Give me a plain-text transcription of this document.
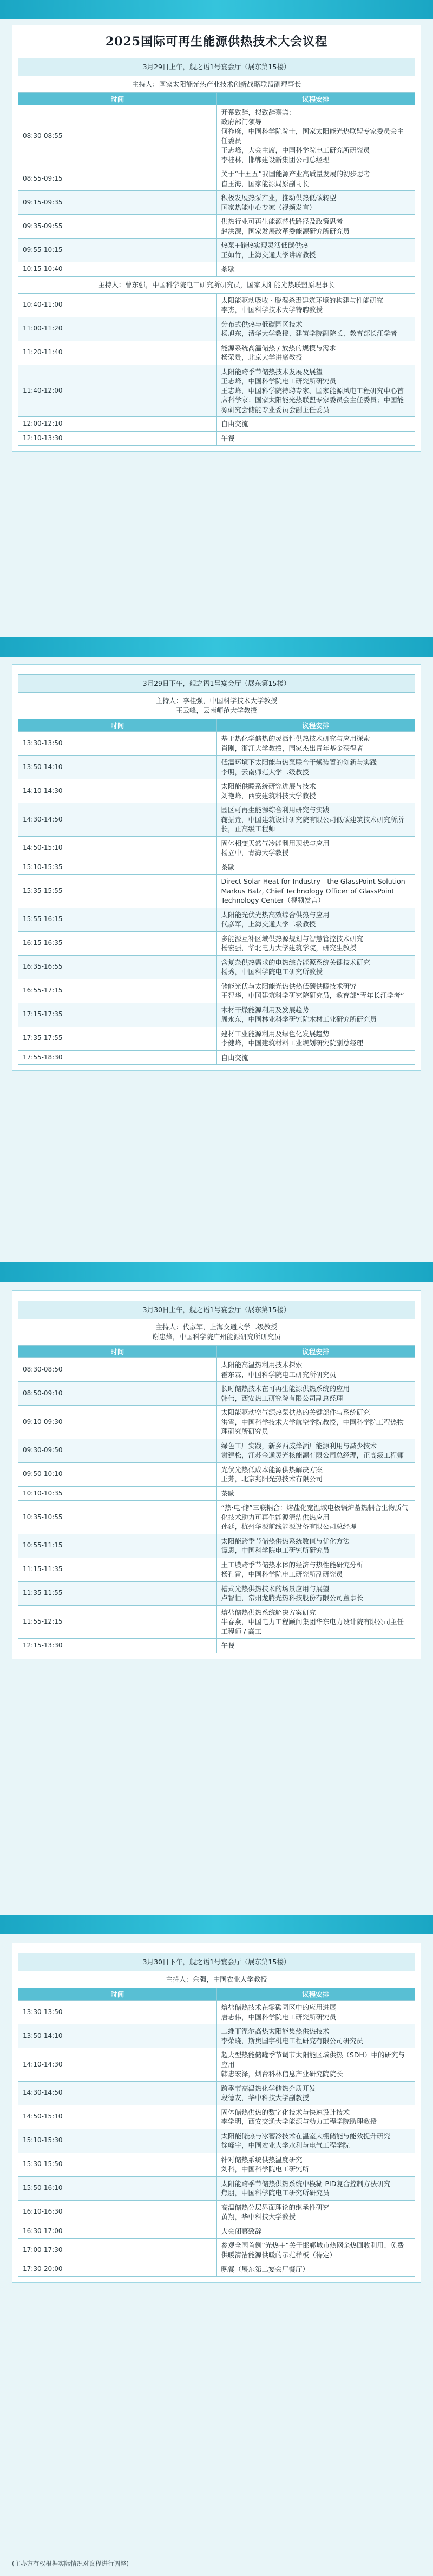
2025国际可再生能源供热技术大会议程
3月29日上午，舰之语1号宴会厅（展东第15楼）	

主持人：国家太阳能光热产业技术创新战略联盟副理事长	

时间	议程安排
08:30-08:55	开幕致辞，拟致辞嘉宾：
政府部门领导
何祚庥，中国科学院院士，国家太阳能光热联盟专家委员会主任委员
王志峰，大会主席，中国科学院电工研究所研究员
李桂林，邯郸建设新集团公司总经理

08:55-09:15	关于“十五五”我国能源产业高质量发展的初步思考
崔玉海，国家能源局原副司长

09:15-09:35	积极发展热泵产业，推动供热低碳转型
国家热能中心专家（视频发言）

09:35-09:55	供热行业可再生能源替代路径及政策思考
赵洪源，国家发展改革委能源研究所研究员

09:55-10:15	热泵+储热实现灵活低碳供热
王如竹，上海交通大学讲席教授

10:15-10:40	茶歇

主持人：曹东强，中国科学院电工研究所研究员，国家太阳能光热联盟原理事长	
10:40-11:00	太阳能驱动吸收 · 脱湿杀毒建筑环境的构建与性能研究
李杰，中国科学技术大学特聘教授

11:00-11:20	分布式供热与低碳园区技术
杨旭东，清华大学教授、建筑学院副院长、教育部长江学者

11:20-11:40	能源系统高温储热 / 放热的规模与需求
杨荣贵，北京大学讲席教授

11:40-12:00	太阳能跨季节储热技术发展及展望
王志峰，中国科学院电工研究所研究员
王志峰，中国科学院特聘专家、国家能源风电工程研究中心首席科学家；国家太阳能光热联盟专家委员会主任委员；中国能源研究会储能专业委员会副主任委员

12:00-12:10	自由交流

12:10-13:30	午餐
3月29日下午，舰之语1号宴会厅（展东第15楼）	

主持人：李桂强，中国科学技术大学教授
王云峰，云南师范大学教授	

时间	议程安排
13:30-13:50	基于热化学储热的灵活性供热技术研究与应用探索
肖刚，浙江大学教授，国家杰出青年基金获得者

13:50-14:10	低温环境下太阳能与热泵联合干燥装置的创新与实践
李明，云南师范大学二级教授

14:10-14:30	太阳能供暖系统研究进展与技术
刘艳峰，西安建筑科技大学教授

14:30-14:50	园区可再生能源综合利用研究与实践
鞠振垚，中国建筑设计研究院有限公司低碳建筑技术研究所所长，正高级工程师

14:50-15:10	固体相变天然气冷能利用现状与应用
杨立中，青海大学教授

15:10-15:35	茶歇

15:35-15:55	Direct Solar Heat for Industry - the GlassPoint Solution
Markus Balz, Chief Technology Officer of GlassPoint Technology Center（视频发言）

15:55-16:15	太阳能光伏光热高效综合供热与应用
代彦军，上海交通大学二级教授

16:15-16:35	多能源互补区域供热源规划与智慧管控技术研究
杨宏强，华北电力大学建筑学院，研究生教授

16:35-16:55	含复杂供热需求的电热综合能源系统关键技术研究
杨秀，中国科学院电工研究所教授

16:55-17:15	储能光伏与太阳能光热供热低碳供暖技术研究
王智华，中国建筑科学研究院研究员，教育部“青年长江学者”

17:15-17:35	木材干燥能源利用及发展趋势
周永东，中国林业科学研究院木材工业研究所研究员

17:35-17:55	建材工业能源利用及绿色化发展趋势
李健峰，中国建筑材料工业规划研究院副总经理

17:55-18:30	自由交流
3月30日上午，舰之语1号宴会厅（展东第15楼）	

主持人：代彦军，上海交通大学二级教授
谢忠烽，中国科学院广州能源研究所研究员	

时间	议程安排
08:30-08:50	太阳能高温热利用技术探索
霍东霖，中国科学院电工研究所研究员

08:50-09:10	长时储热技术在可再生能源供热系统的应用
韩伟，西安热工研究院有限公司副总经理

09:10-09:30	太阳能驱动空气源热泵供热的关键部件与系统研究
洪雪，中国科学技术大学航空学院教授，中国科学院工程热物理研究所研究员

09:30-09:50	绿色工厂实践，新乡西威烽酒厂能源利用与减少技术
谢建松，江苏金通灵光核能源有限公司总经理，正高级工程师

09:50-10:10	光伏光热低成本能源供热解决方案
王芳，北京兆阳光热技术有限公司

10:10-10:35	茶歇

10:35-10:55	“热·电·储”三联耦合：熔盐化宽温域电极锅炉蓄热耦合生物质气化技术助力可再生能源清洁供热应用
孙廷，杭州华源前线能源设备有限公司总经理

10:55-11:15	太阳能跨季节储热供热系统数值与优化方法
谭思，中国科学院电工研究所研究员

11:15-11:35	土工膜跨季节储热水体的经济与热性能研究分析
杨孔雷，中国科学院电工研究所副研究员

11:35-11:55	槽式光热供热技术的场景应用与展望
卢智恒，常州龙腾光热科技股份有限公司董事长

11:55-12:15	熔盐储热供热系统解决方案研究
牛春燕，中国电力工程顾问集团华东电力设计院有限公司主任工程师 / 高工

12:15-13:30	午餐
3月30日下午，舰之语1号宴会厅（展东第15楼）	

主持人：余强，中国农业大学教授	

时间	议程安排
13:30-13:50	熔盐储热技术在零碳园区中的应用进展
唐志伟，中国科学院电工研究所研究员

13:50-14:10	二维菲涅尔高热太阳能集热供热技术
李荣晓，斯奥国宇机电工程研究有限公司研究员

14:10-14:30	超大型热能储罐季节调节太阳能区域供热（SDH）中的研究与应用
韩忠宏泽，烟台科林信息产业研究院院长

14:30-14:50	跨季节高温热化学储热介质开发
段德友，华中科技大学副教授

14:50-15:10	固体储热供热的数字化技术与快速设计技术
李学明，西安交通大学能源与动力工程学院助理教授

15:10-15:30	太阳能储热与冰蓄冷技术在温室大棚储能与能效提升研究
徐峰宇，中国农业大学水利与电气工程学院

15:30-15:50	针对储热系统供热温度研究
刘科，中国科学院电工研究所

15:50-16:10	太阳能跨季节储热供热系统中模糊-PID复合控制方法研究
焦朋，中国科学院电工研究所研究员

16:10-16:30	高温储热分层界面理论的继承性研究
黄翔，华中科技大学教授

16:30-17:00	大会闭幕致辞

17:00-17:30	参观全国首例“光热＋”关于邯郸城市热网余热回收利用、免费供暖清洁能源供暖的示范样板（待定）

17:30-20:00	晚餐（展东第二宴会厅餐厅）
(主办方有权根据实际情况对议程进行调整)
